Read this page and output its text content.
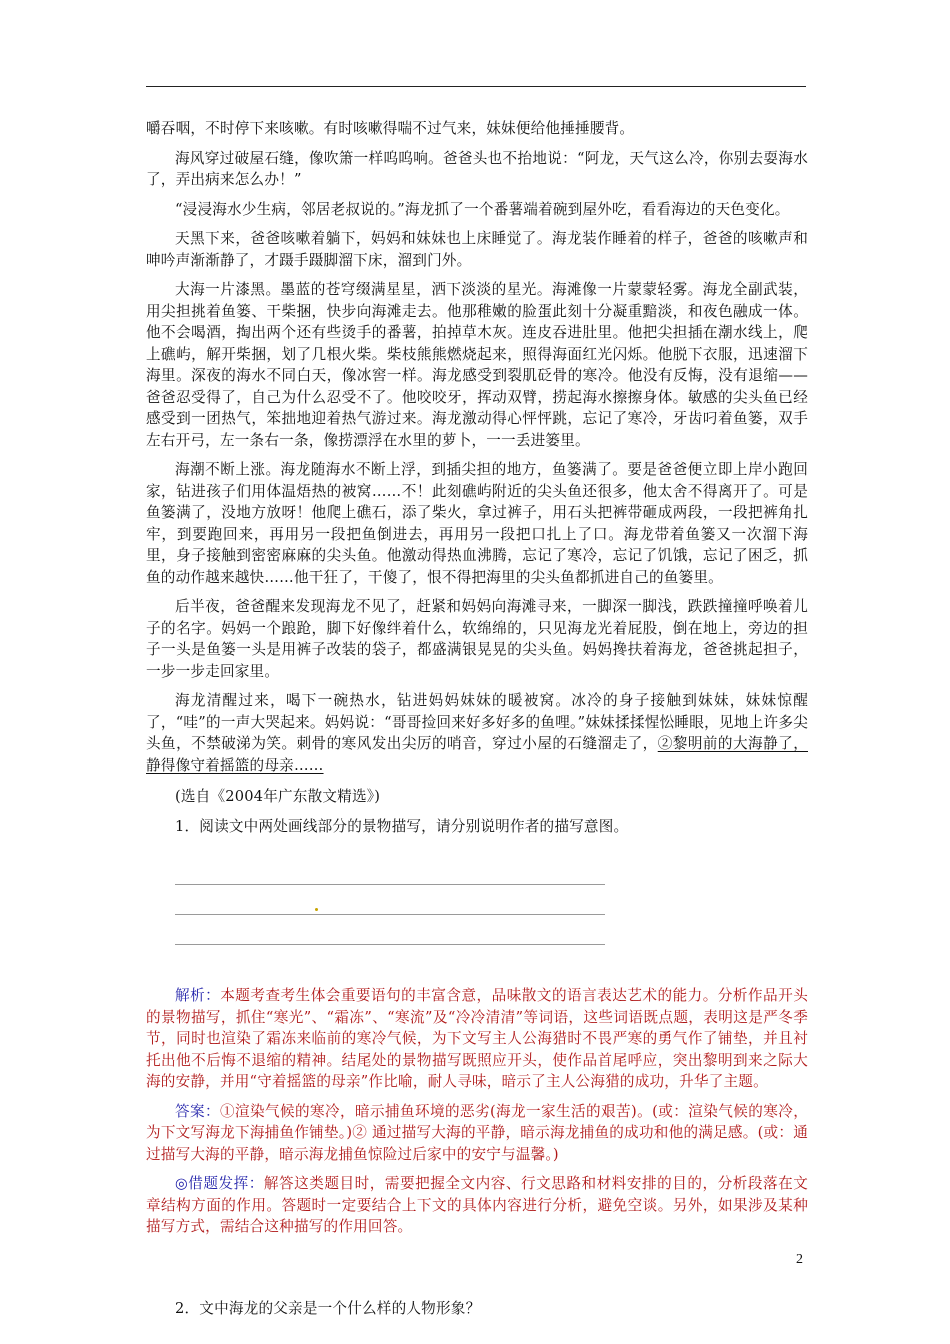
嚼吞咽，不时停下来咳嗽。有时咳嗽得喘不过气来，妹妹便给他捶捶腰背。

海风穿过破屋石缝，像吹箫一样呜呜响。爸爸头也不抬地说：“阿龙，天气这么冷，你别去耍海水了，弄出病来怎么办！”

“浸浸海水少生病，邻居老叔说的。”海龙抓了一个番薯端着碗到屋外吃，看看海边的天色变化。

天黑下来，爸爸咳嗽着躺下，妈妈和妹妹也上床睡觉了。海龙装作睡着的样子，爸爸的咳嗽声和呻吟声渐渐静了，才蹑手蹑脚溜下床，溜到门外。

大海一片漆黑。墨蓝的苍穹缀满星星，洒下淡淡的星光。海滩像一片蒙蒙轻雾。海龙全副武装，用尖担挑着鱼篓、干柴捆，快步向海滩走去。他那稚嫩的脸蛋此刻十分凝重黯淡，和夜色融成一体。他不会喝酒，掏出两个还有些烫手的番薯，拍掉草木灰。连皮吞进肚里。他把尖担插在潮水线上，爬上礁屿，解开柴捆，划了几根火柴。柴枝熊熊燃烧起来，照得海面红光闪烁。他脱下衣服，迅速溜下海里。深夜的海水不同白天，像冰窖一样。海龙感受到裂肌砭骨的寒冷。他没有反悔，没有退缩——爸爸忍受得了，自己为什么忍受不了。他咬咬牙，挥动双臂，捞起海水擦擦身体。敏感的尖头鱼已经感受到一团热气，笨拙地迎着热气游过来。海龙激动得心怦怦跳，忘记了寒冷，牙齿叼着鱼篓，双手左右开弓，左一条右一条，像捞漂浮在水里的萝卜，一一丢进篓里。

海潮不断上涨。海龙随海水不断上浮，到插尖担的地方，鱼篓满了。要是爸爸便立即上岸小跑回家，钻进孩子们用体温焐热的被窝……不！此刻礁屿附近的尖头鱼还很多，他太舍不得离开了。可是鱼篓满了，没地方放呀！他爬上礁石，添了柴火，拿过裤子，用石头把裤带砸成两段，一段把裤角扎牢，到要跑回来，再用另一段把鱼倒进去，再用另一段把口扎上了口。海龙带着鱼篓又一次溜下海里，身子接触到密密麻麻的尖头鱼。他激动得热血沸腾，忘记了寒冷，忘记了饥饿，忘记了困乏，抓鱼的动作越来越快……他干狂了，干傻了，恨不得把海里的尖头鱼都抓进自己的鱼篓里。

后半夜，爸爸醒来发现海龙不见了，赶紧和妈妈向海滩寻来，一脚深一脚浅，跌跌撞撞呼唤着儿子的名字。妈妈一个踉跄，脚下好像绊着什么，软绵绵的，只见海龙光着屁股，倒在地上，旁边的担子一头是鱼篓一头是用裤子改装的袋子，都盛满银晃晃的尖头鱼。妈妈搀扶着海龙，爸爸挑起担子，一步一步走回家里。

海龙清醒过来，喝下一碗热水，钻进妈妈妹妹的暖被窝。冰冷的身子接触到妹妹，妹妹惊醒了，“哇”的一声大哭起来。妈妈说：“哥哥捡回来好多好多的鱼哩。”妹妹揉揉惺忪睡眼，见地上许多尖头鱼，不禁破涕为笑。刺骨的寒风发出尖厉的哨音，穿过小屋的石缝溜走了，②黎明前的大海静了，静得像守着摇篮的母亲……

(选自《2004年广东散文精选》)

1．阅读文中两处画线部分的景物描写，请分别说明作者的描写意图。

解析：本题考查考生体会重要语句的丰富含意，品味散文的语言表达艺术的能力。分析作品开头的景物描写，抓住“寒光”、“霜冻”、“寒流”及“冷冷清清”等词语，这些词语既点题，表明这是严冬季节，同时也渲染了霜冻来临前的寒冷气候，为下文写主人公海猎时不畏严寒的勇气作了铺垫，并且衬托出他不后悔不退缩的精神。结尾处的景物描写既照应开头，使作品首尾呼应，突出黎明到来之际大海的安静，并用“守着摇篮的母亲”作比喻，耐人寻味，暗示了主人公海猎的成功，升华了主题。

答案：①渲染气候的寒冷，暗示捕鱼环境的恶劣(海龙一家生活的艰苦)。(或：渲染气候的寒冷，为下文写海龙下海捕鱼作铺垫。)② 通过描写大海的平静，暗示海龙捕鱼的成功和他的满足感。(或：通过描写大海的平静，暗示海龙捕鱼惊险过后家中的安宁与温馨。)

◎借题发挥：解答这类题目时，需要把握全文内容、行文思路和材料安排的目的，分析段落在文章结构方面的作用。答题时一定要结合上下文的具体内容进行分析，避免空谈。另外，如果涉及某种描写方式，需结合这种描写的作用回答。

2．文中海龙的父亲是一个什么样的人物形象？

2
